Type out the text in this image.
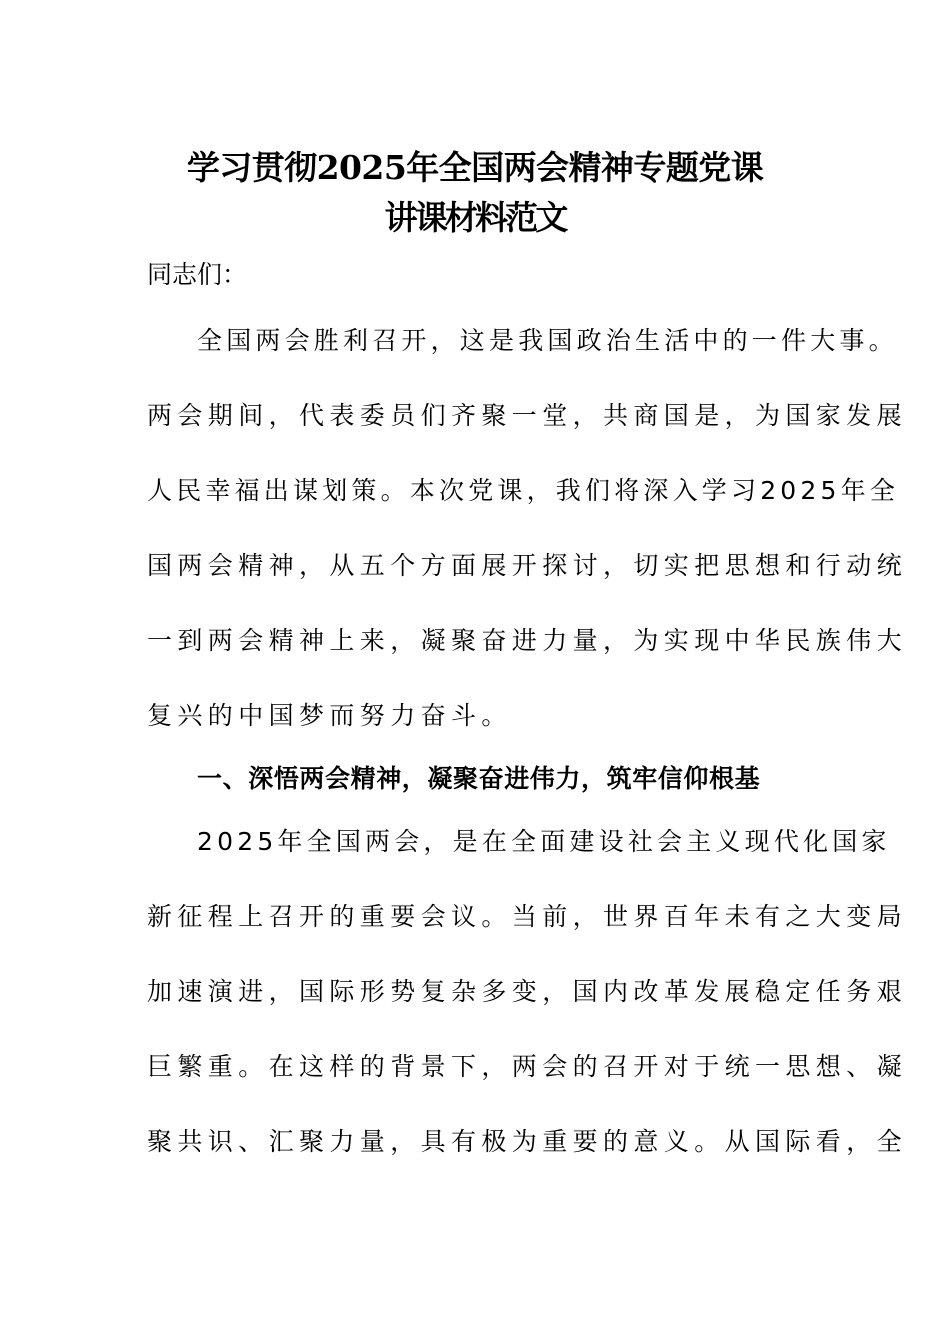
学习贯彻2025年全国两会精神专题党课
讲课材料范文
同志们：
全国两会胜利召开，这是我国政治生活中的一件大事。
两会期间，代表委员们齐聚一堂，共商国是，为国家发展
人民幸福出谋划策。本次党课，我们将深入学习2025年全
国两会精神，从五个方面展开探讨，切实把思想和行动统
一到两会精神上来，凝聚奋进力量，为实现中华民族伟大
复兴的中国梦而努力奋斗。
一、深悟两会精神，凝聚奋进伟力，筑牢信仰根基
2025年全国两会，是在全面建设社会主义现代化国家
新征程上召开的重要会议。当前，世界百年未有之大变局
加速演进，国际形势复杂多变，国内改革发展稳定任务艰
巨繁重。在这样的背景下，两会的召开对于统一思想、凝
聚共识、汇聚力量，具有极为重要的意义。从国际看，全
